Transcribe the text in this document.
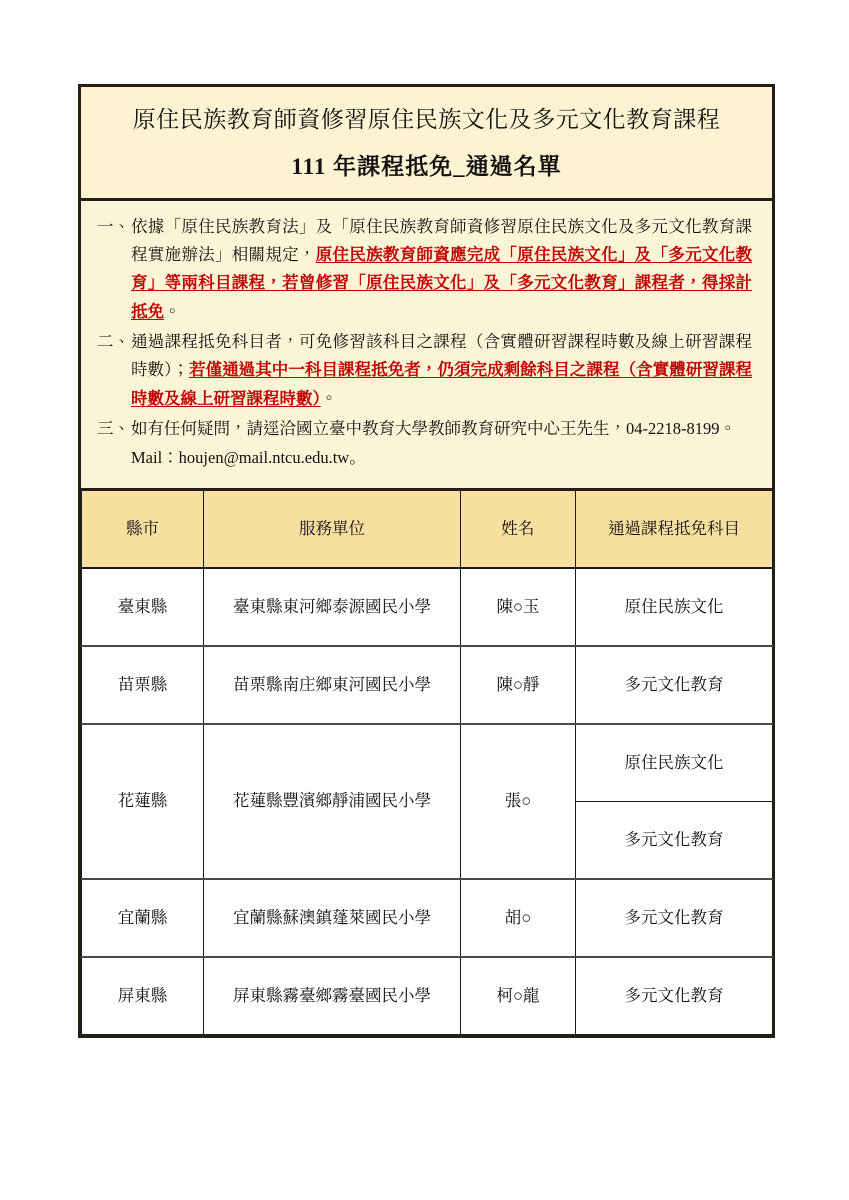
原住民族教育師資修習原住民族文化及多元文化教育課程
111 年課程抵免_通過名單
一、 依據「原住民族教育法」及「原住民族教育師資修習原住民族文化及多元文化教育課程實施辦法」相關規定，原住民族教育師資應完成「原住民族文化」及「多元文化教育」等兩科目課程，若曾修習「原住民族文化」及「多元文化教育」課程者，得採計抵免。
二、 通過課程抵免科目者，可免修習該科目之課程（含實體研習課程時數及線上研習課程時數）；若僅通過其中一科目課程抵免者，仍須完成剩餘科目之課程（含實體研習課程時數及線上研習課程時數）。
三、 如有任何疑問，請逕洽國立臺中教育大學教師教育研究中心王先生，04-2218-8199。
Mail：houjen@mail.ntcu.edu.tw。
縣市	服務單位	姓名	通過課程抵免科目
臺東縣	臺東縣東河鄉泰源國民小學	陳○玉	原住民族文化
苗栗縣	苗栗縣南庄鄉東河國民小學	陳○靜	多元文化教育
花蓮縣	花蓮縣豐濱鄉靜浦國民小學	張○	原住民族文化
			多元文化教育
宜蘭縣	宜蘭縣蘇澳鎮蓬萊國民小學	胡○	多元文化教育
屏東縣	屏東縣霧臺鄉霧臺國民小學	柯○龍	多元文化教育
